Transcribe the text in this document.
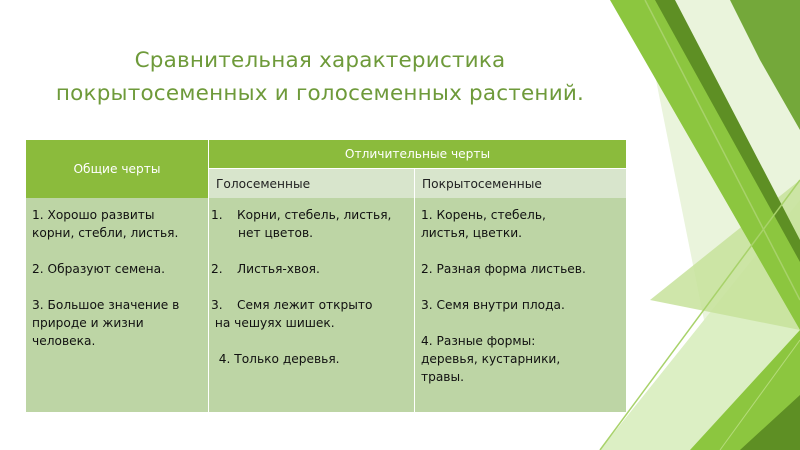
Сравнительная характеристика
покрытосеменных и голосеменных растений.
Общие черты
Отличительные черты
Голосеменные	Покрытосеменные
1. Хорошо развиты
корни, стебли, листья.
2. Образуют семена.
3. Большое значение в
природе и жизни
человека.
1. Корни, стебель, листья,
нет цветов.
2. Листья-хвоя.
3. Семя лежит открыто
на чешуях шишек.
4. Только деревья.
1. Корень, стебель,
листья, цветки.
2. Разная форма листьев.
3. Семя внутри плода.
4. Разные формы:
деревья, кустарники,
травы.
